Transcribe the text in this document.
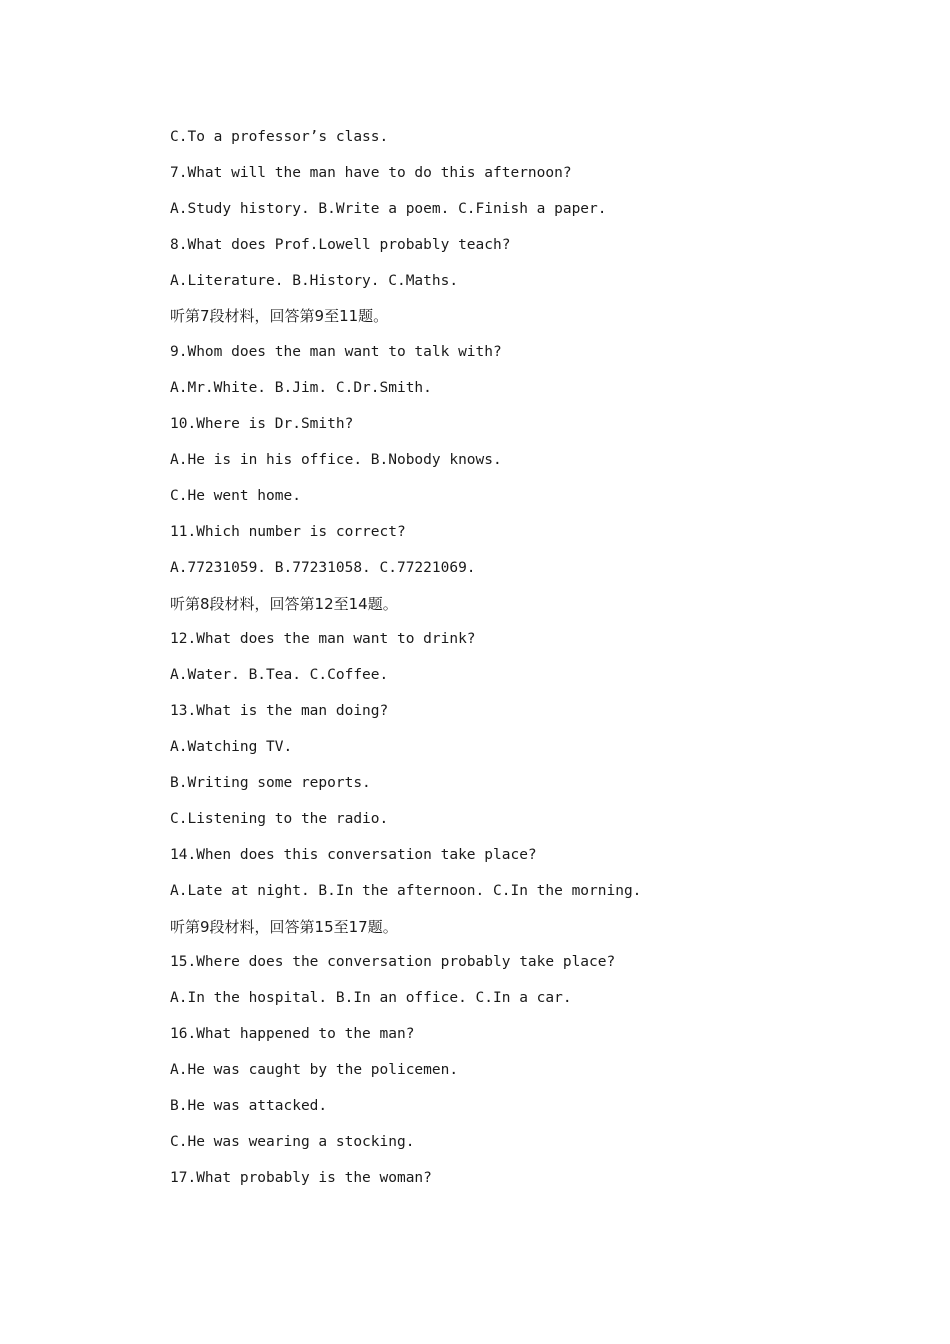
C.To a professor’s class.
7.What will the man have to do this afternoon?
A.Study history. B.Write a poem. C.Finish a paper.
8.What does Prof.Lowell probably teach?
A.Literature. B.History. C.Maths.
听第7段材料，回答第9至11题。
9.Whom does the man want to talk with?
A.Mr.White. B.Jim. C.Dr.Smith.
10.Where is Dr.Smith?
A.He is in his office. B.Nobody knows.
C.He went home.
11.Which number is correct?
A.77231059. B.77231058. C.77221069.
听第8段材料，回答第12至14题。
12.What does the man want to drink?
A.Water. B.Tea. C.Coffee.
13.What is the man doing?
A.Watching TV.
B.Writing some reports.
C.Listening to the radio.
14.When does this conversation take place?
A.Late at night. B.In the afternoon. C.In the morning.
听第9段材料，回答第15至17题。
15.Where does the conversation probably take place?
A.In the hospital. B.In an office. C.In a car.
16.What happened to the man?
A.He was caught by the policemen.
B.He was attacked.
C.He was wearing a stocking.
17.What probably is the woman?
